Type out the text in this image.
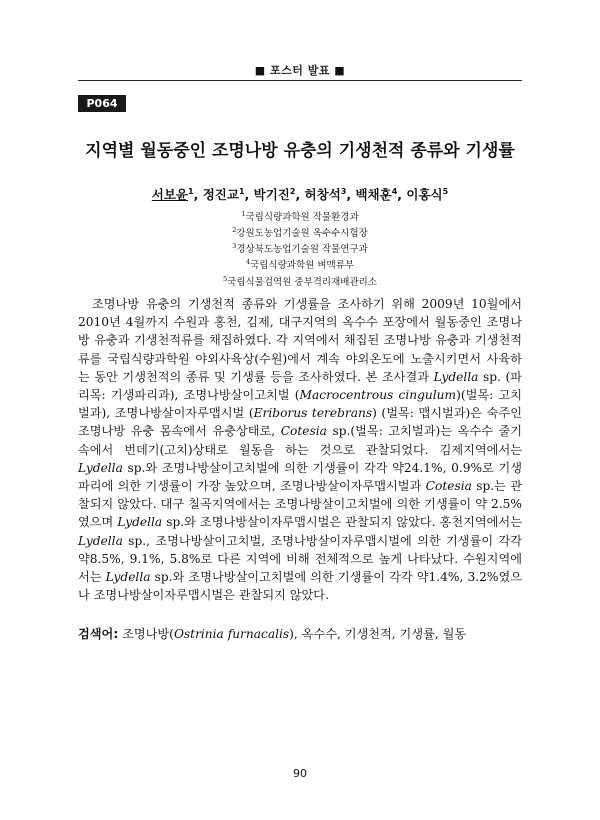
■ 포스터 발표 ■
P064
지역별 월동중인 조명나방 유충의 기생천적 종류와 기생률
서보윤$^1$, 정진교$^1$, 박기진$^2$, 허창석$^3$, 백채훈$^4$, 이홍식$^5$
$^1$국립식량과학원 작물환경과
$^2$강원도농업기술원 옥수수시험장
$^3$경상북도농업기술원 작물연구과
$^4$국립식량과학원 벼맥류부
$^5$국립식물검역원 중부격리재배관리소

조명나방 유충의 기생천적 종류와 기생률을 조사하기 위해 2009년 10월에서 2010년 4월까지 수원과 홍천, 김제, 대구지역의 옥수수 포장에서 월동중인 조명나방 유충과 기생천적류를 채집하였다. 각 지역에서 채집된 조명나방 유충과 기생천적류를 국립식량과학원 야외사육상(수원)에서 계속 야외온도에 노출시키면서 사육하는 동안 기생천적의 종류 및 기생률 등을 조사하였다. 본 조사결과 Lydella sp. (파리목: 기생파리과), 조명나방살이고치벌 (Macrocentrous cingulum)(벌목: 고치벌과), 조명나방살이자루맵시벌 (Eriborus terebrans) (벌목: 맵시벌과)은 숙주인 조명나방 유충 몸속에서 유충상태로, Cotesia sp.(벌목: 고치벌과)는 옥수수 줄기 속에서 번데기(고치)상태로 월동을 하는 것으로 관찰되었다. 김제지역에서는 Lydella sp.와 조명나방살이고치벌에 의한 기생률이 각각 약24.1%, 0.9%로 기생파리에 의한 기생률이 가장 높았으며, 조명나방살이자루맵시벌과 Cotesia sp.는 관찰되지 않았다. 대구 칠곡지역에서는 조명나방살이고치벌에 의한 기생률이 약 2.5%였으며 Lydella sp.와 조명나방살이자루맵시벌은 관찰되지 않았다. 홍천지역에서는 Lydella sp., 조명나방살이고치벌, 조명나방살이자루맵시벌에 의한 기생률이 각각 약8.5%, 9.1%, 5.8%로 다른 지역에 비해 전체적으로 높게 나타났다. 수원지역에서는 Lydella sp.와 조명나방살이고치벌에 의한 기생률이 각각 약1.4%, 3.2%였으나 조명나방살이자루맵시벌은 관찰되지 않았다.

검색어: 조명나방(Ostrinia furnacalis), 옥수수, 기생천적, 기생률, 월동

90
